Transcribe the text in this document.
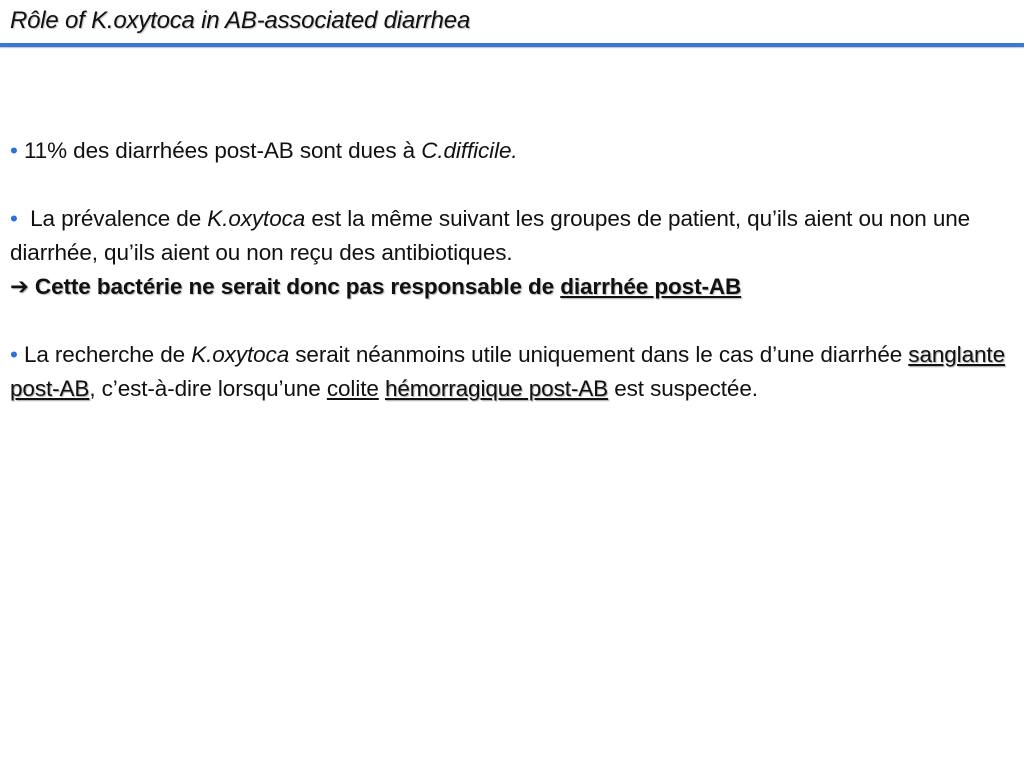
Rôle of K.oxytoca in AB-associated diarrhea

• 11% des diarrhées post-AB sont dues à C.difficile.

• La prévalence de K.oxytoca est la même suivant les groupes de patient, qu’ils aient ou non une diarrhée, qu’ils aient ou non reçu des antibiotiques.

➔ Cette bactérie ne serait donc pas responsable de diarrhée post-AB

• La recherche de K.oxytoca serait néanmoins utile uniquement dans le cas d’une diarrhée sanglante post-AB, c’est-à-dire lorsqu’une colite hémorragique post-AB est suspectée.
